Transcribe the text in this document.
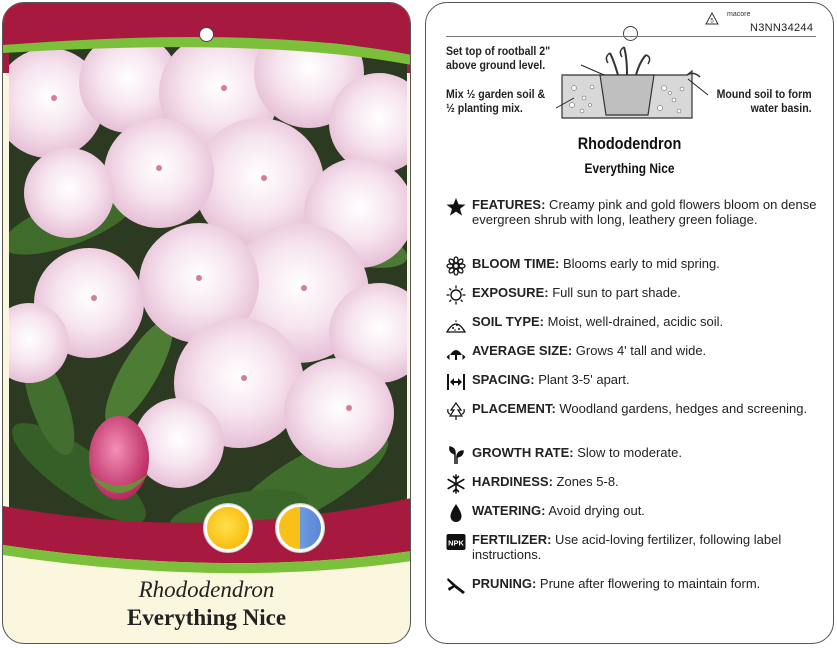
Rhododendron
Everything Nice
5
macore
N3NN34244
Set top of rootball 2" above ground level.
Mix ½ garden soil & ½ planting mix.
Mound soil to form water basin.
Rhododendron
Everything Nice
FEATURES: Creamy pink and gold flowers bloom on dense evergreen shrub with long, leathery green foliage.
BLOOM TIME: Blooms early to mid spring.
EXPOSURE: Full sun to part shade.
SOIL TYPE: Moist, well-drained, acidic soil.
AVERAGE SIZE: Grows 4' tall and wide.
SPACING: Plant 3-5' apart.
PLACEMENT: Woodland gardens, hedges and screening.
GROWTH RATE: Slow to moderate.
HARDINESS: Zones 5-8.
WATERING: Avoid drying out.
NPK FERTILIZER: Use acid-loving fertilizer, following label instructions.
PRUNING: Prune after flowering to maintain form.
